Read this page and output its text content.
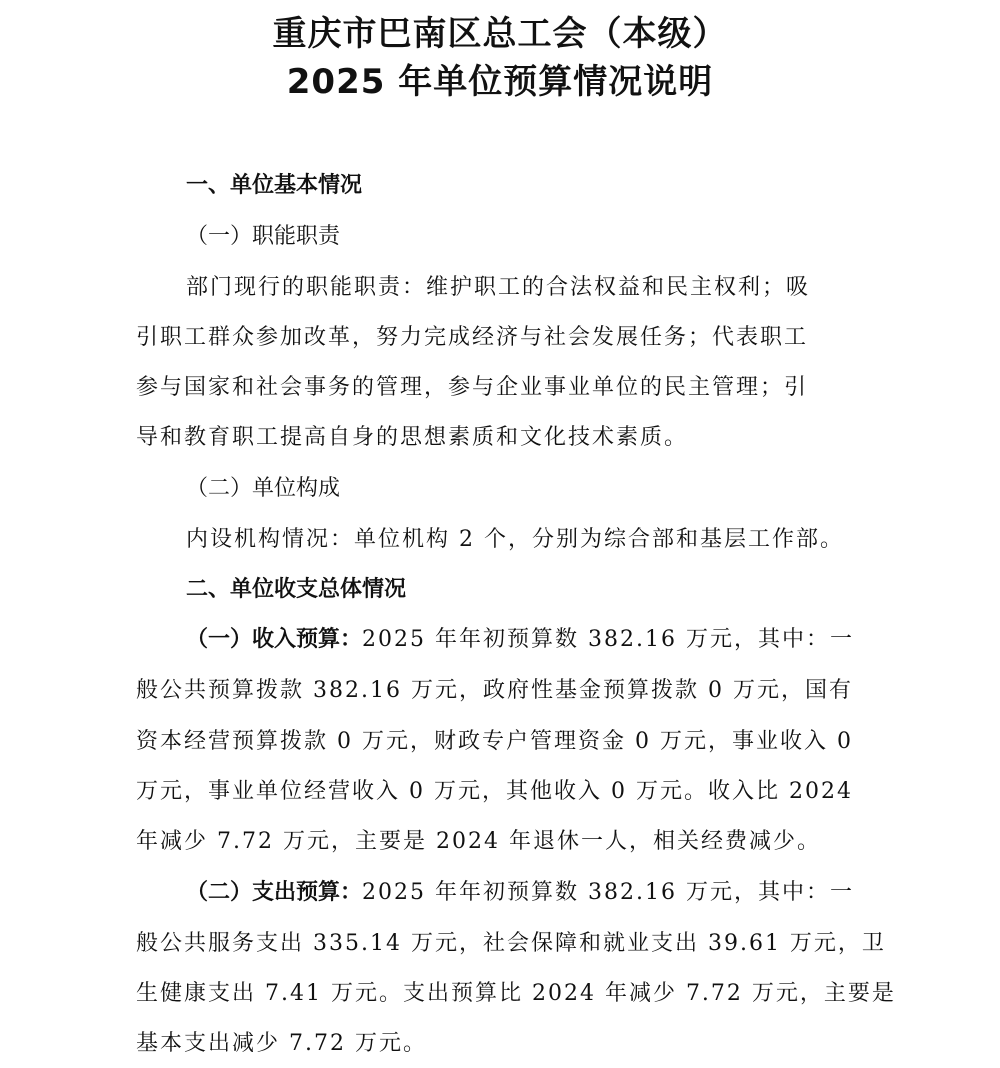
重庆市巴南区总工会（本级）
2025 年单位预算情况说明
一、单位基本情况
（一）职能职责
部门现行的职能职责：维护职工的合法权益和民主权利；吸
引职工群众参加改革，努力完成经济与社会发展任务；代表职工
参与国家和社会事务的管理，参与企业事业单位的民主管理；引
导和教育职工提高自身的思想素质和文化技术素质。
（二）单位构成
内设机构情况：单位机构 2 个，分别为综合部和基层工作部。
二、单位收支总体情况
（一）收入预算：2025 年年初预算数 382.16 万元，其中：一
般公共预算拨款 382.16 万元，政府性基金预算拨款 0 万元，国有
资本经营预算拨款 0 万元，财政专户管理资金 0 万元，事业收入 0
万元，事业单位经营收入 0 万元，其他收入 0 万元。收入比 2024
年减少 7.72 万元，主要是 2024 年退休一人，相关经费减少。
（二）支出预算：2025 年年初预算数 382.16 万元，其中：一
般公共服务支出 335.14 万元，社会保障和就业支出 39.61 万元，卫
生健康支出 7.41 万元。支出预算比 2024 年减少 7.72 万元，主要是
基本支出减少 7.72 万元。
